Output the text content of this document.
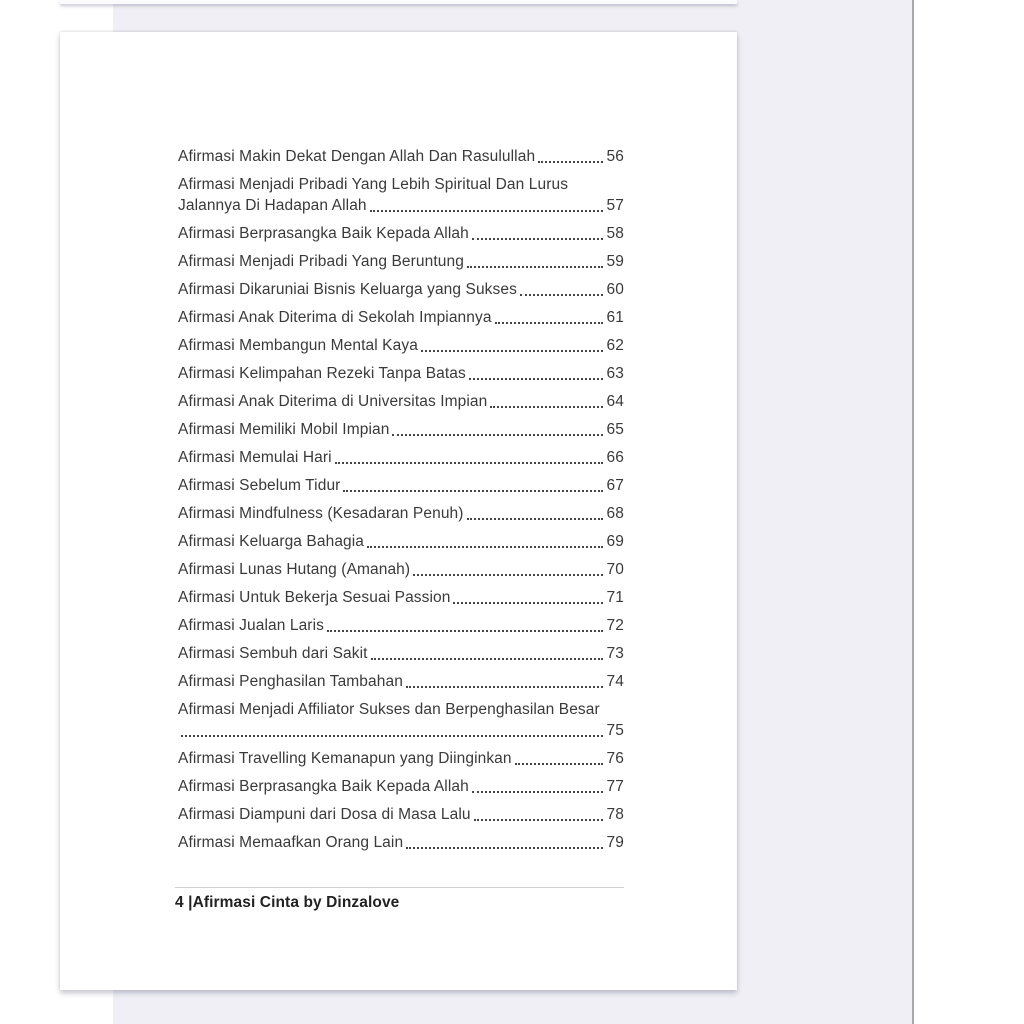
Afirmasi Makin Dekat Dengan Allah Dan Rasulullah	56
Afirmasi Menjadi Pribadi Yang Lebih Spiritual Dan Lurus
Jalannya Di Hadapan Allah	57
Afirmasi Berprasangka Baik Kepada Allah	58
Afirmasi Menjadi Pribadi Yang Beruntung	59
Afirmasi Dikaruniai Bisnis Keluarga yang Sukses	60
Afirmasi Anak Diterima di Sekolah Impiannya	61
Afirmasi Membangun Mental Kaya	62
Afirmasi Kelimpahan Rezeki Tanpa Batas	63
Afirmasi Anak Diterima di Universitas Impian	64
Afirmasi Memiliki Mobil Impian	65
Afirmasi Memulai Hari	66
Afirmasi Sebelum Tidur	67
Afirmasi Mindfulness (Kesadaran Penuh)	68
Afirmasi Keluarga Bahagia	69
Afirmasi Lunas Hutang (Amanah)	70
Afirmasi Untuk Bekerja Sesuai Passion	71
Afirmasi Jualan Laris	72
Afirmasi Sembuh dari Sakit	73
Afirmasi Penghasilan Tambahan	74
Afirmasi Menjadi Affiliator Sukses dan Berpenghasilan Besar
75
Afirmasi Travelling Kemanapun yang Diinginkan	76
Afirmasi Berprasangka Baik Kepada Allah	77
Afirmasi Diampuni dari Dosa di Masa Lalu	78
Afirmasi Memaafkan Orang Lain	79
4 |Afirmasi Cinta by Dinzalove
